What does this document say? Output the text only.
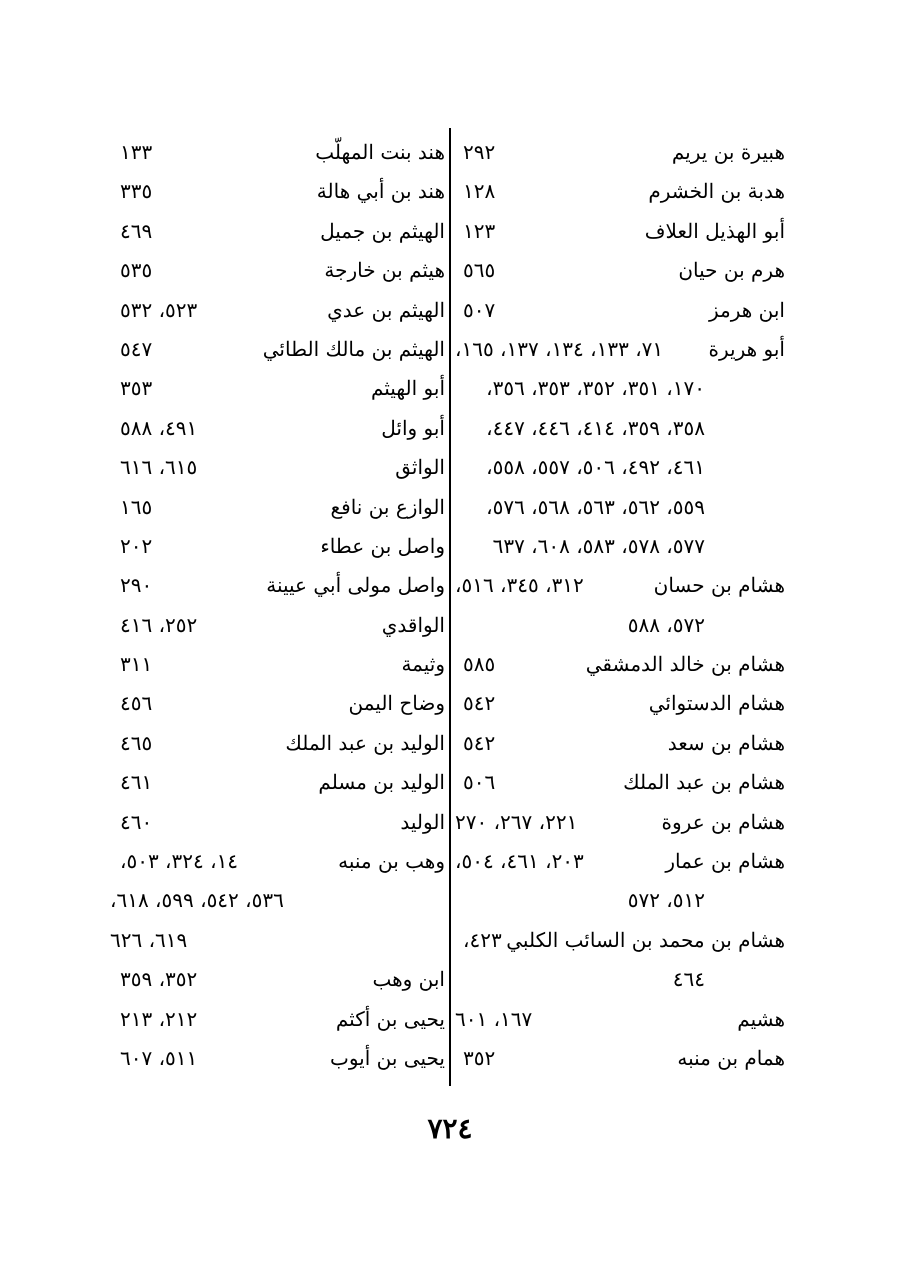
هبيرة بن يريم
٢٩٢
هدبة بن الخشرم
١٢٨
أبو الهذيل العلاف
١٢٣
هرم بن حيان
٥٦٥
ابن هرمز
٥٠٧
أبو هريرة
٧١، ١٣٣، ١٣٤، ١٣٧، ١٦٥،
١٧٠، ٣٥١، ٣٥٢، ٣٥٣، ٣٥٦،
٣٥٨، ٣٥٩، ٤١٤، ٤٤٦، ٤٤٧،
٤٦١، ٤٩٢، ٥٠٦، ٥٥٧، ٥٥٨،
٥٥٩، ٥٦٢، ٥٦٣، ٥٦٨، ٥٧٦،
٥٧٧، ٥٧٨، ٥٨٣، ٦٠٨، ٦٣٧
هشام بن حسان
٣١٢، ٣٤٥، ٥١٦،
٥٧٢، ٥٨٨
هشام بن خالد الدمشقي
٥٨٥
هشام الدستوائي
٥٤٢
هشام بن سعد
٥٤٢
هشام بن عبد الملك
٥٠٦
هشام بن عروة
٢٢١، ٢٦٧، ٢٧٠
هشام بن عمار
٢٠٣، ٤٦١، ٥٠٤،
٥١٢، ٥٧٢
هشام بن محمد بن السائب الكلبي
٤٢٣،
٤٦٤
هشيم
١٦٧، ٦٠١
همام بن منبه
٣٥٢
هند بنت المهلّب
١٣٣
هند بن أبي هالة
٣٣٥
الهيثم بن جميل
٤٦٩
هيثم بن خارجة
٥٣٥
الهيثم بن عدي
٥٢٣، ٥٣٢
الهيثم بن مالك الطائي
٥٤٧
أبو الهيثم
٣٥٣
أبو وائل
٤٩١، ٥٨٨
الواثق
٦١٥، ٦١٦
الوازع بن نافع
١٦٥
واصل بن عطاء
٢٠٢
واصل مولى أبي عيينة
٢٩٠
الواقدي
٢٥٢، ٤١٦
وثيمة
٣١١
وضاح اليمن
٤٥٦
الوليد بن عبد الملك
٤٦٥
الوليد بن مسلم
٤٦١
الوليد
٤٦٠
وهب بن منبه
١٤، ٣٢٤، ٥٠٣،
٥٣٦، ٥٤٢، ٥٩٩، ٦١٨،
٦١٩، ٦٢٦
ابن وهب
٣٥٢، ٣٥٩
يحيى بن أكثم
٢١٢، ٢١٣
يحيى بن أيوب
٥١١، ٦٠٧
٧٢٤
